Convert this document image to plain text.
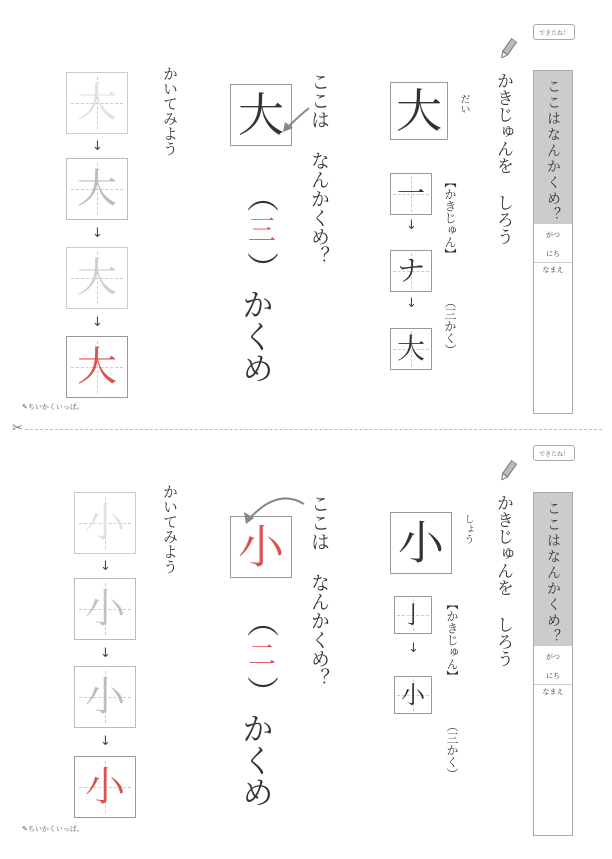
できたね！
ここはなんかくめ？
がつ
にち
なまえ
かきじゅんを しろう
大 だい
【かきじゅん】
（三かく）
一
↓
ナ
↓
大
ここは なんかくめ？
大
（
三
）
かくめ
かいてみよう
大
↓
大
↓
大
↓
大
✎ちいかくいっぱ。
✂
できたね！
ここはなんかくめ？
がつ
にち
なまえ
かきじゅんを しろう
小 しょう
【かきじゅん】
（三かく）
亅
↓
小
ここは なんかくめ？
小
（
二
）
かくめ
かいてみよう
小
↓
小
↓
小
↓
小
✎ちいかくいっぱ。
